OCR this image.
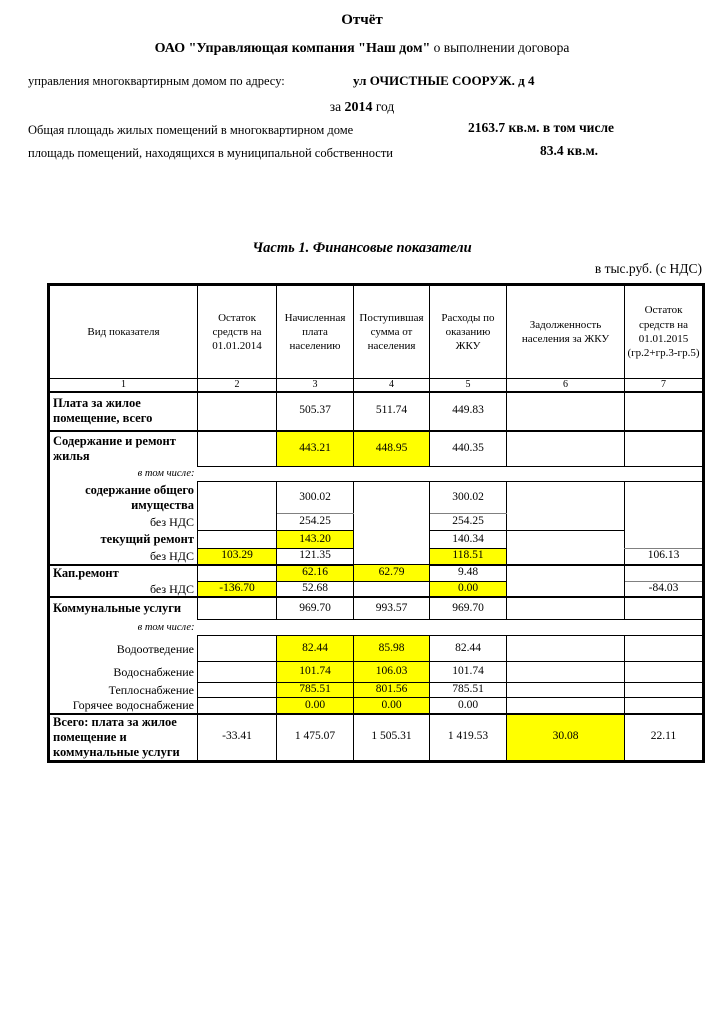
Отчёт
ОАО "Управляющая компания "Наш дом" о выполнении договора
управления многоквартирным домом по адресу:	ул ОЧИСТНЫЕ СООРУЖ. д 4
за 2014 год
Общая площадь жилых помещений в многоквартирном доме	2163.7 кв.м. в том числе
площадь помещений, находящихся в муниципальной собственности	83.4 кв.м.
Часть 1. Финансовые показатели
в тыс.руб. (с НДС)
Вид показателя	Остаток средств на 01.01.2014	Начисленная плата населению	Поступившая сумма от населения	Расходы по оказанию ЖКУ	Задолженность населения за ЖКУ	Остаток средств на 01.01.2015 (гр.2+гр.3-гр.5)
1	2	3	4	5	6	7
Плата за жилое помещение, всего		505.37	511.74	449.83		
Содержание и ремонт жилья		443.21	448.95	440.35		
в том числе:						
содержание общего имущества		300.02		300.02		
без НДС		254.25		254.25		
текущий ремонт		143.20		140.34		
без НДС	103.29	121.35		118.51		106.13
Кап.ремонт		62.16	62.79	9.48		
без НДС	-136.70	52.68		0.00		-84.03
Коммунальные услуги		969.70	993.57	969.70		
в том числе:						
Водоотведение		82.44	85.98	82.44		
Водоснабжение		101.74	106.03	101.74		
Теплоснабжение		785.51	801.56	785.51		
Горячее водоснабжение		0.00	0.00	0.00		
Всего: плата за жилое помещение и коммунальные услуги	-33.41	1 475.07	1 505.31	1 419.53	30.08	22.11
